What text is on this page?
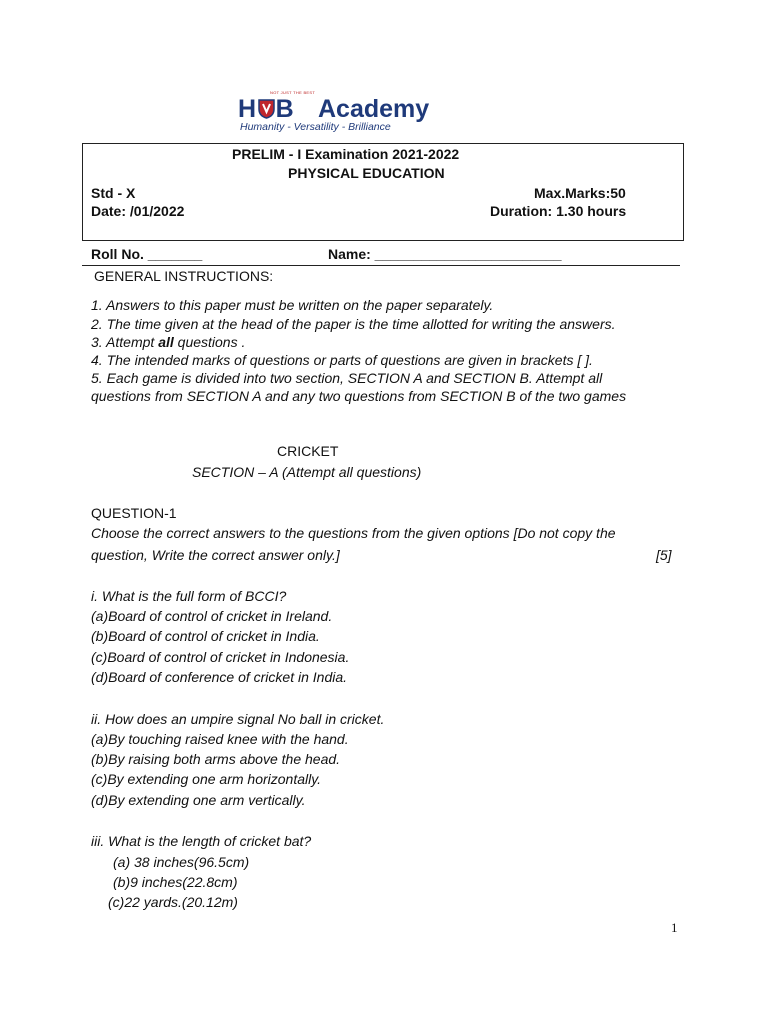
NOT JUST THE BEST
H B Academy
Humanity - Versatility - Brilliance
PRELIM - I Examination 2021-2022
PHYSICAL EDUCATION
Std - X	Max.Marks:50
Date: /01/2022	Duration: 1.30 hours
Roll No. _______	Name: ________________________
GENERAL INSTRUCTIONS:
1. Answers to this paper must be written on the paper separately.
2. The time given at the head of the paper is the time allotted for writing the answers.
3. Attempt all questions .
4. The intended marks of questions or parts of questions are given in brackets [ ].
5. Each game is divided into two section, SECTION A and SECTION B. Attempt all
questions from SECTION A and any two questions from SECTION B of the two games
CRICKET
SECTION – A (Attempt all questions)
QUESTION-1
Choose the correct answers to the questions from the given options [Do not copy the
question, Write the correct answer only.]	[5]
i. What is the full form of BCCI?
(a)Board of control of cricket in Ireland.
(b)Board of control of cricket in India.
(c)Board of control of cricket in Indonesia.
(d)Board of conference of cricket in India.
ii. How does an umpire signal No ball in cricket.
(a)By touching raised knee with the hand.
(b)By raising both arms above the head.
(c)By extending one arm horizontally.
(d)By extending one arm vertically.
iii. What is the length of cricket bat?
(a) 38 inches(96.5cm)
(b)9 inches(22.8cm)
(c)22 yards.(20.12m)
1
